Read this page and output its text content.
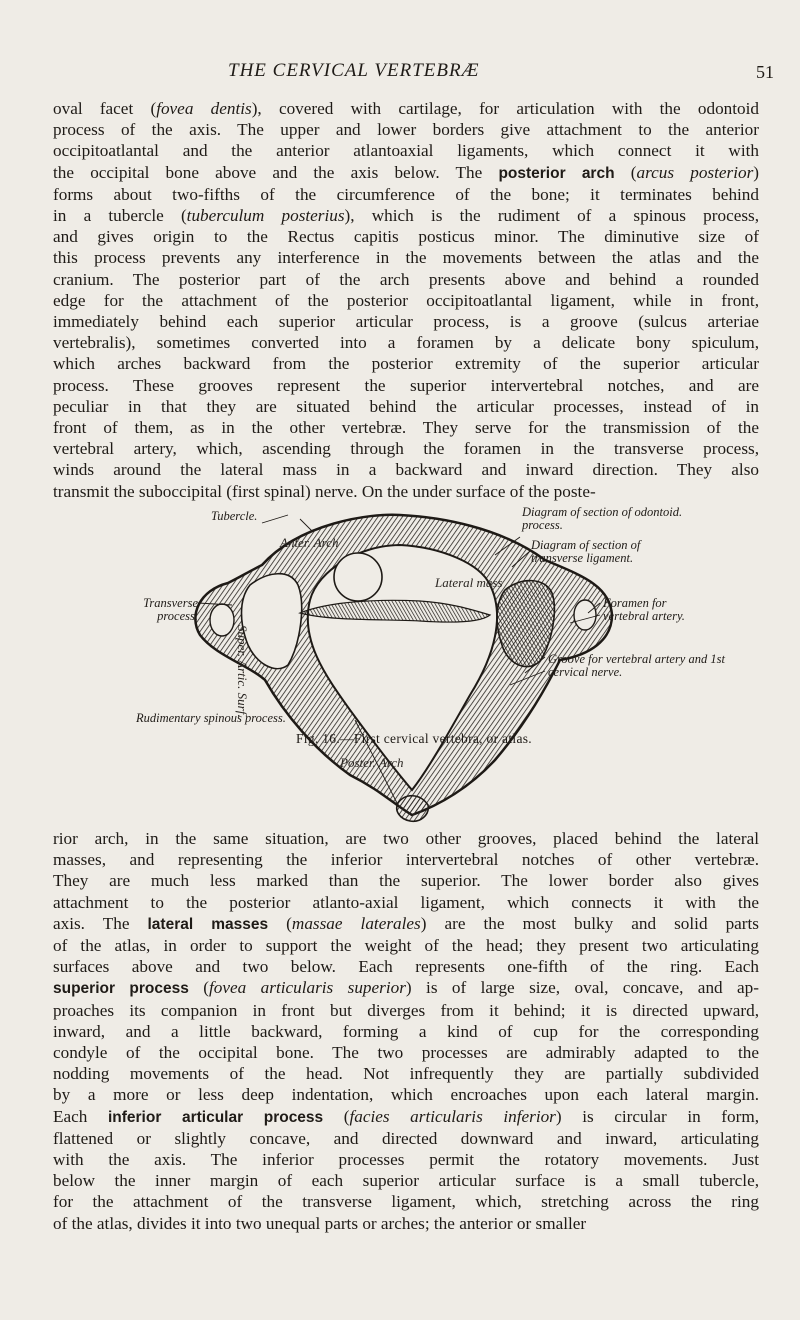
THE CERVICAL VERTEBRÆ	51
oval facet (fovea dentis), covered with cartilage, for articulation with the odontoid
process of the axis. The upper and lower borders give attachment to the anterior
occipitoatlantal and the anterior atlantoaxial ligaments, which connect it with
the occipital bone above and the axis below. The posterior arch (arcus posterior)
forms about two-fifths of the circumference of the bone; it terminates behind
in a tubercle (tuberculum posterius), which is the rudiment of a spinous process,
and gives origin to the Rectus capitis posticus minor. The diminutive size of
this process prevents any interference in the movements between the atlas and the
cranium. The posterior part of the arch presents above and behind a rounded
edge for the attachment of the posterior occipitoatlantal ligament, while in front,
immediately behind each superior articular process, is a groove (sulcus arteriae
vertebralis), sometimes converted into a foramen by a delicate bony spiculum,
which arches backward from the posterior extremity of the superior articular
process. These grooves represent the superior intervertebral notches, and are
peculiar in that they are situated behind the articular processes, instead of in
front of them, as in the other vertebræ. They serve for the transmission of the
vertebral artery, which, ascending through the foramen in the transverse process,
winds around the lateral mass in a backward and inward direction. They also
transmit the suboccipital (first spinal) nerve. On the under surface of the poste-
Anter. Arch
Lateral mass
Super. Artic. Surf.
Poster. Arch
Tubercle.	Diagram of section of odontoid. process.
Diagram of section of transverse ligament.
Transverse process.
Foramen for vertebral artery.
Groove for vertebral artery and 1st cervical nerve.
Rudimentary spinous process.
Fig. 16.—First cervical vertebra, or atlas.
rior arch, in the same situation, are two other grooves, placed behind the lateral
masses, and representing the inferior intervertebral notches of other vertebræ.
They are much less marked than the superior. The lower border also gives
attachment to the posterior atlanto-axial ligament, which connects it with the
axis. The lateral masses (massae laterales) are the most bulky and solid parts
of the atlas, in order to support the weight of the head; they present two articulating
surfaces above and two below. Each represents one-fifth of the ring. Each
superior process (fovea articularis superior) is of large size, oval, concave, and ap-
proaches its companion in front but diverges from it behind; it is directed upward,
inward, and a little backward, forming a kind of cup for the corresponding
condyle of the occipital bone. The two processes are admirably adapted to the
nodding movements of the head. Not infrequently they are partially subdivided
by a more or less deep indentation, which encroaches upon each lateral margin.
Each inferior articular process (facies articularis inferior) is circular in form,
flattened or slightly concave, and directed downward and inward, articulating
with the axis. The inferior processes permit the rotatory movements. Just
below the inner margin of each superior articular surface is a small tubercle,
for the attachment of the transverse ligament, which, stretching across the ring
of the atlas, divides it into two unequal parts or arches; the anterior or smaller
